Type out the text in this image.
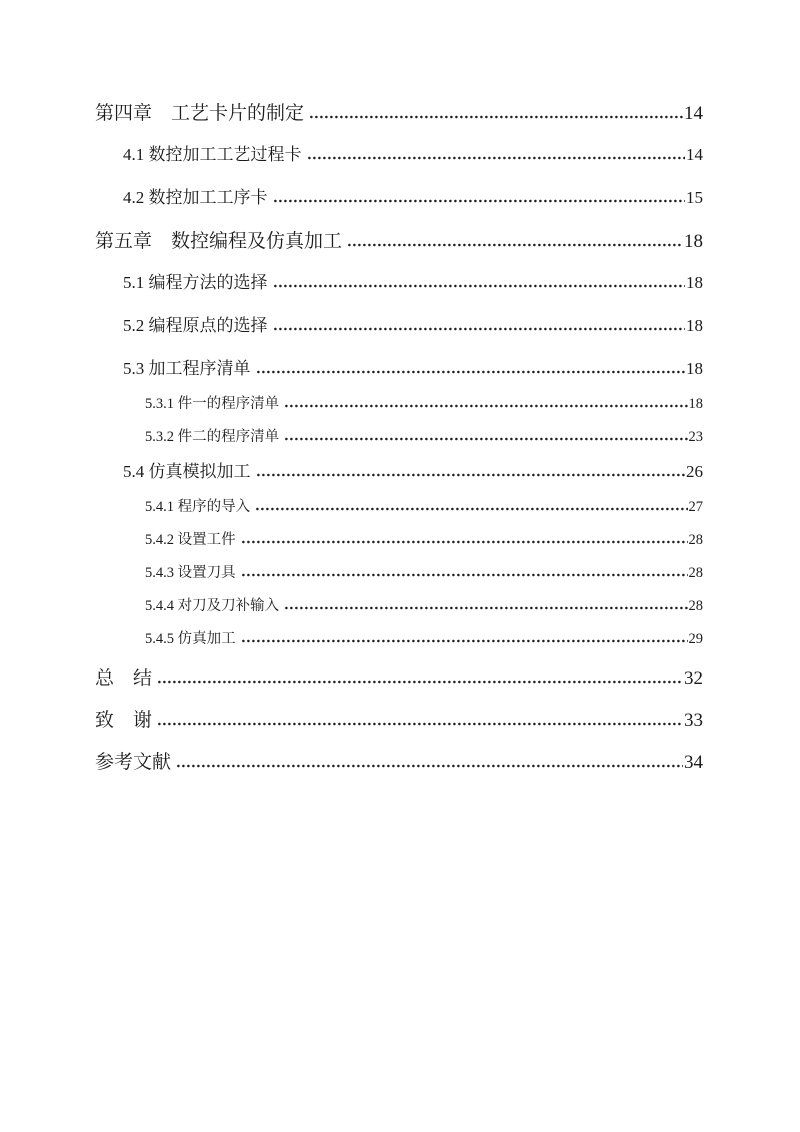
第四章　工艺卡片的制定	14
4.1 数控加工工艺过程卡	14
4.2 数控加工工序卡	15
第五章　数控编程及仿真加工	18
5.1 编程方法的选择	18
5.2 编程原点的选择	18
5.3 加工程序清单	18
5.3.1 件一的程序清单	18
5.3.2 件二的程序清单	23
5.4 仿真模拟加工	26
5.4.1 程序的导入	27
5.4.2 设置工件	28
5.4.3 设置刀具	28
5.4.4 对刀及刀补输入	28
5.4.5 仿真加工	29
总　结	32
致　谢	33
参考文献	34
